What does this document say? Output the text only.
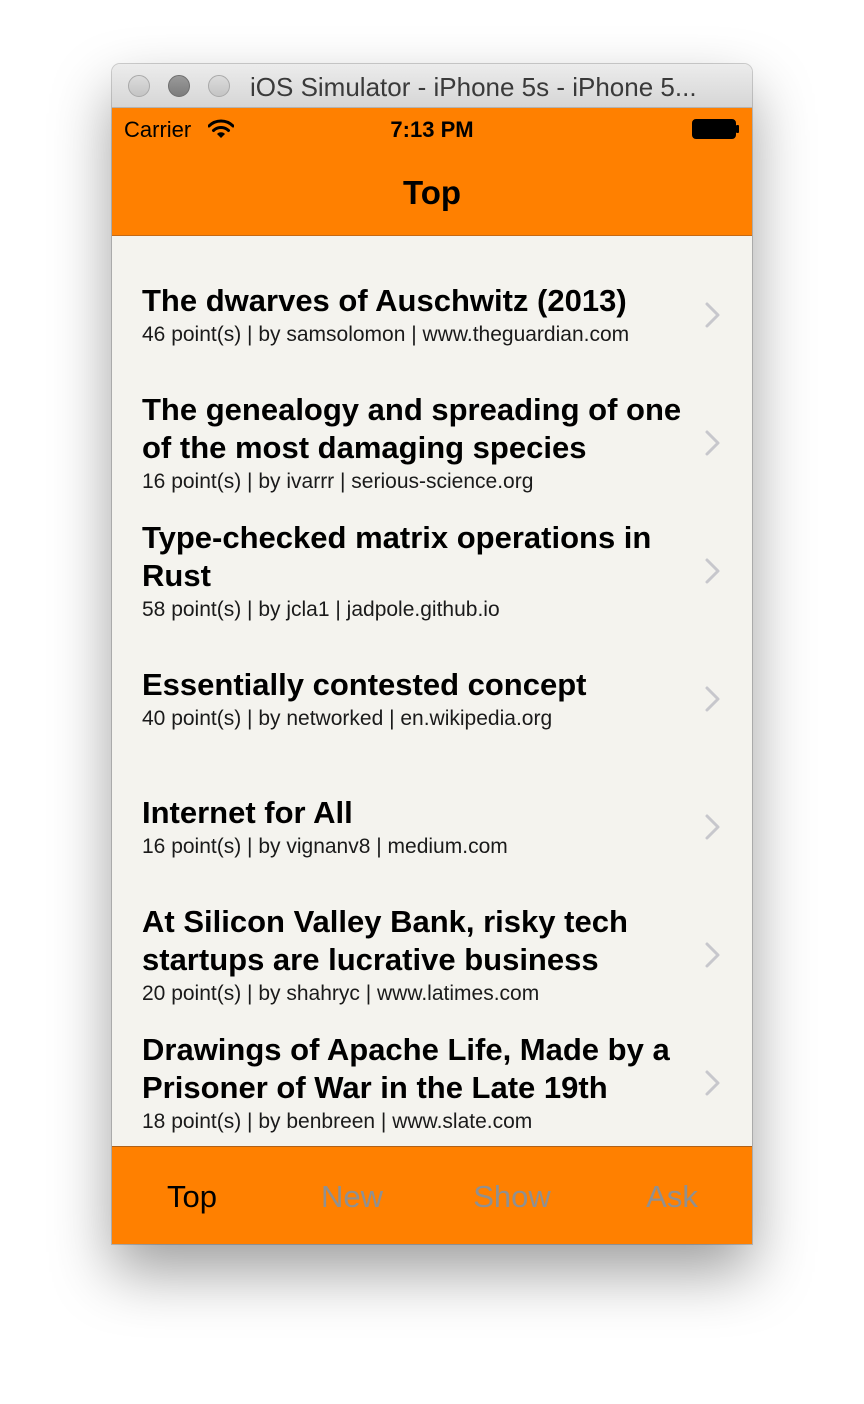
iOS Simulator - iPhone 5s - iPhone 5...
Carrier	7:13 PM
Top
The dwarves of Auschwitz (2013)
46 point(s) | by samsolomon | www.theguardian.com
The genealogy and spreading of one of the most damaging species
16 point(s) | by ivarrr | serious-science.org
Type-checked matrix operations in Rust
58 point(s) | by jcla1 | jadpole.github.io
Essentially contested concept
40 point(s) | by networked | en.wikipedia.org
Internet for All
16 point(s) | by vignanv8 | medium.com
At Silicon Valley Bank, risky tech startups are lucrative business
20 point(s) | by shahryc | www.latimes.com
Drawings of Apache Life, Made by a Prisoner of War in the Late 19th
18 point(s) | by benbreen | www.slate.com
Top	New	Show	Ask
